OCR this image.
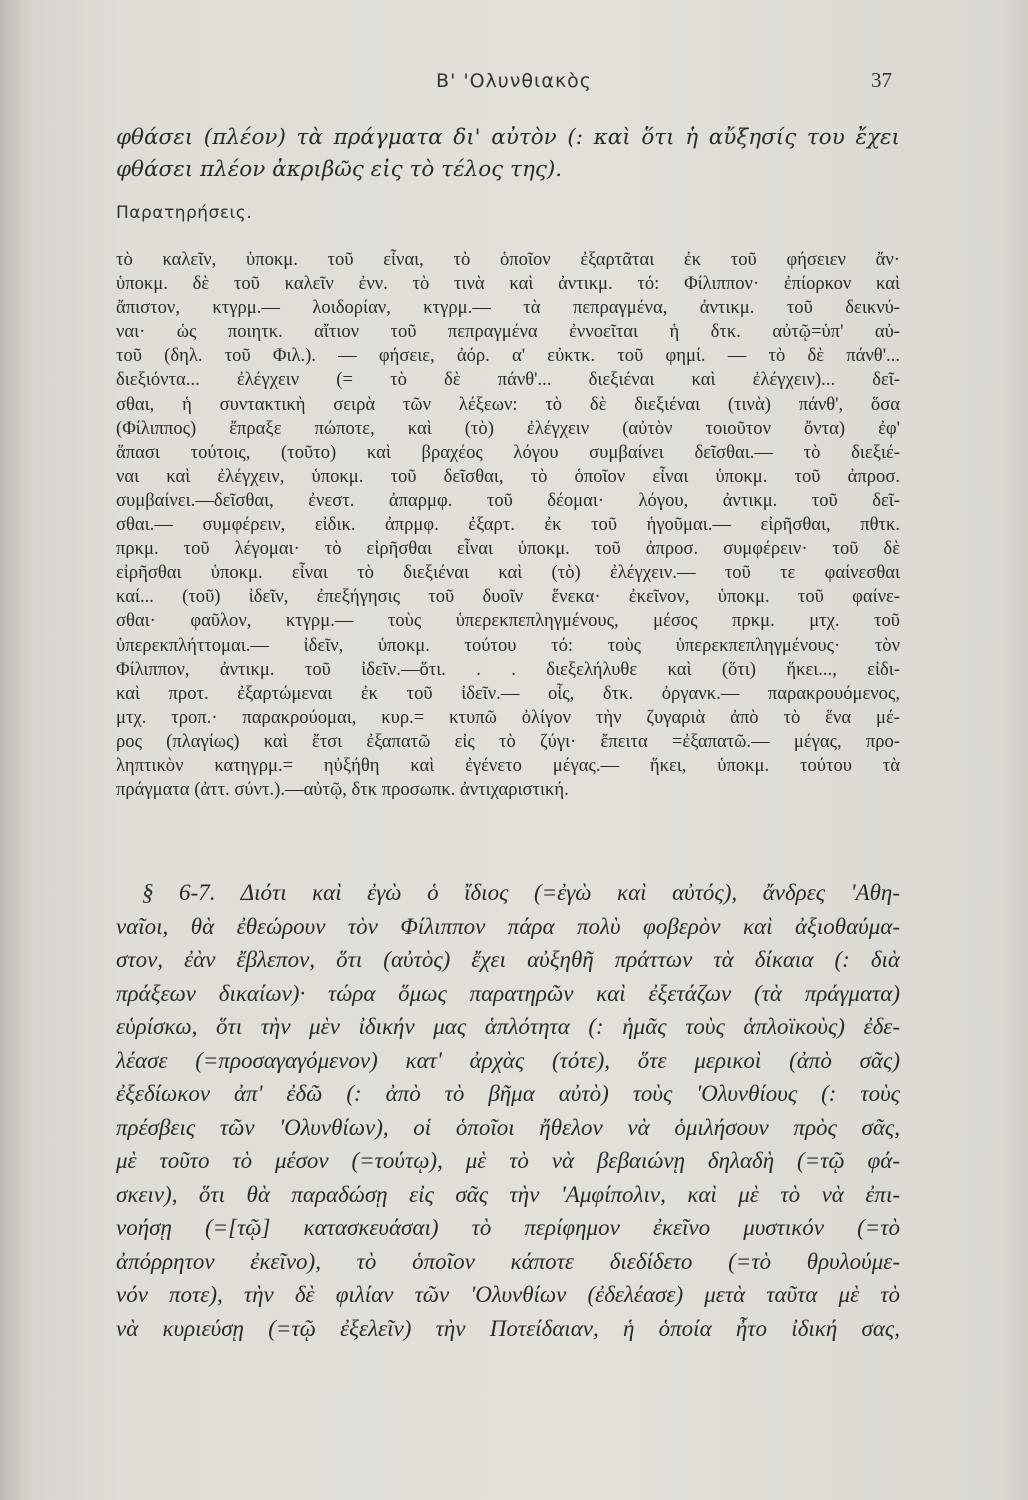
B' 'Ολυνθιακὸς	37
φθάσει (πλέον) τὰ πράγματα δι' αὐτὸν (: καὶ ὅτι ἡ αὔξησίς του ἔχει
φθάσει πλέον ἀκριβῶς εἰς τὸ τέλος της).
Παρατηρήσεις.
τὸ καλεῖν, ὑποκμ. τοῦ εἶναι, τὸ ὁποῖον ἐξαρτᾶται ἐκ τοῦ φήσειεν ἄν·
ὑποκμ. δὲ τοῦ καλεῖν ἐνν. τὸ τινὰ καὶ ἀντικμ. τό: Φίλιππον· ἐπίορκον καὶ
ἄπιστον, κτγρμ.— λοιδορίαν, κτγρμ.— τὰ πεπραγμένα, ἀντικμ. τοῦ δεικνύ-
ναι· ὡς ποιητκ. αἴτιον τοῦ πεπραγμένα ἐννοεῖται ἡ δτκ. αὐτῷ=ὑπ' αὐ-
τοῦ (δηλ. τοῦ Φιλ.). — φήσειε, ἀόρ. α' εὐκτκ. τοῦ φημί. — τὸ δὲ πάνθ'...
διεξιόντα... ἐλέγχειν (= τὸ δὲ πάνθ'... διεξιέναι καὶ ἐλέγχειν)... δεῖ-
σθαι, ἡ συντακτικὴ σειρὰ τῶν λέξεων: τὸ δὲ διεξιέναι (τινὰ) πάνθ', ὅσα
(Φίλιππος) ἔπραξε πώποτε, καὶ (τὸ) ἐλέγχειν (αὐτὸν τοιοῦτον ὄντα) ἐφ'
ἅπασι τούτοις, (τοῦτο) καὶ βραχέος λόγου συμβαίνει δεῖσθαι.— τὸ διεξιέ-
ναι καὶ ἐλέγχειν, ὑποκμ. τοῦ δεῖσθαι, τὸ ὁποῖον εἶναι ὑποκμ. τοῦ ἀπροσ.
συμβαίνει.—δεῖσθαι, ἐνεστ. ἀπαρμφ. τοῦ δέομαι· λόγου, ἀντικμ. τοῦ δεῖ-
σθαι.— συμφέρειν, εἰδικ. ἀπρμφ. ἐξαρτ. ἐκ τοῦ ἡγοῦμαι.— εἰρῆσθαι, πθτκ.
πρκμ. τοῦ λέγομαι· τὸ εἰρῆσθαι εἶναι ὑποκμ. τοῦ ἀπροσ. συμφέρειν· τοῦ δὲ
εἰρῆσθαι ὑποκμ. εἶναι τὸ διεξιέναι καὶ (τὸ) ἐλέγχειν.— τοῦ τε φαίνεσθαι
καί... (τοῦ) ἰδεῖν, ἐπεξήγησις τοῦ δυοῖν ἕνεκα· ἐκεῖνον, ὑποκμ. τοῦ φαίνε-
σθαι· φαῦλον, κτγρμ.— τοὺς ὑπερεκπεπληγμένους, μέσος πρκμ. μτχ. τοῦ
ὑπερεκπλήττομαι.— ἰδεῖν, ὑποκμ. τούτου τό: τοὺς ὑπερεκπεπληγμένους· τὸν
Φίλιππον, ἀντικμ. τοῦ ἰδεῖν.—ὅτι. . . διεξελήλυθε καὶ (ὅτι) ἥκει..., εἰδι-
καὶ προτ. ἐξαρτώμεναι ἐκ τοῦ ἰδεῖν.— οἷς, δτκ. ὀργανκ.— παρακρουόμενος,
μτχ. τροπ.· παρακρούομαι, κυρ.= κτυπῶ ὀλίγον τὴν ζυγαριὰ ἀπὸ τὸ ἕνα μέ-
ρος (πλαγίως) καὶ ἔτσι ἐξαπατῶ εἰς τὸ ζύγι· ἔπειτα =ἐξαπατῶ.— μέγας, προ-
ληπτικὸν κατηγρμ.= ηὐξήθη καὶ ἐγένετο μέγας.— ἥκει, ὑποκμ. τούτου τὰ
πράγματα (ἀττ. σύντ.).—αὐτῷ, δτκ προσωπκ. ἀντιχαριστική.
§ 6-7. Διότι καὶ ἐγὼ ὁ ἴδιος (=ἐγὼ καὶ αὐτός), ἄνδρες 'Αθη-
ναῖοι, θὰ ἐθεώρουν τὸν Φίλιππον πάρα πολὺ φοβερὸν καὶ ἀξιοθαύμα-
στον, ἐὰν ἔβλεπον, ὅτι (αὐτὸς) ἔχει αὐξηθῆ πράττων τὰ δίκαια (: διὰ
πράξεων δικαίων)· τώρα ὅμως παρατηρῶν καὶ ἐξετάζων (τὰ πράγματα)
εὑρίσκω, ὅτι τὴν μὲν ἰδικήν μας ἁπλότητα (: ἡμᾶς τοὺς ἁπλοϊκοὺς) ἐδε-
λέασε (=προσαγαγόμενον) κατ' ἀρχὰς (τότε), ὅτε μερικοὶ (ἀπὸ σᾶς)
ἐξεδίωκον ἀπ' ἐδῶ (: ἀπὸ τὸ βῆμα αὐτὸ) τοὺς 'Ολυνθίους (: τοὺς
πρέσβεις τῶν 'Ολυνθίων), οἱ ὁποῖοι ἤθελον νὰ ὁμιλήσουν πρὸς σᾶς,
μὲ τοῦτο τὸ μέσον (=τούτῳ), μὲ τὸ νὰ βεβαιώνῃ δηλαδὴ (=τῷ φά-
σκειν), ὅτι θὰ παραδώσῃ εἰς σᾶς τὴν 'Αμφίπολιν, καὶ μὲ τὸ νὰ ἐπι-
νοήσῃ (=[τῷ] κατασκευάσαι) τὸ περίφημον ἐκεῖνο μυστικόν (=τὸ
ἀπόρρητον ἐκεῖνο), τὸ ὁποῖον κάποτε διεδίδετο (=τὸ θρυλούμε-
νόν ποτε), τὴν δὲ φιλίαν τῶν 'Ολυνθίων (ἐδελέασε) μετὰ ταῦτα μὲ τὸ
νὰ κυριεύσῃ (=τῷ ἐξελεῖν) τὴν Ποτείδαιαν, ἡ ὁποία ἦτο ἰδική σας,
